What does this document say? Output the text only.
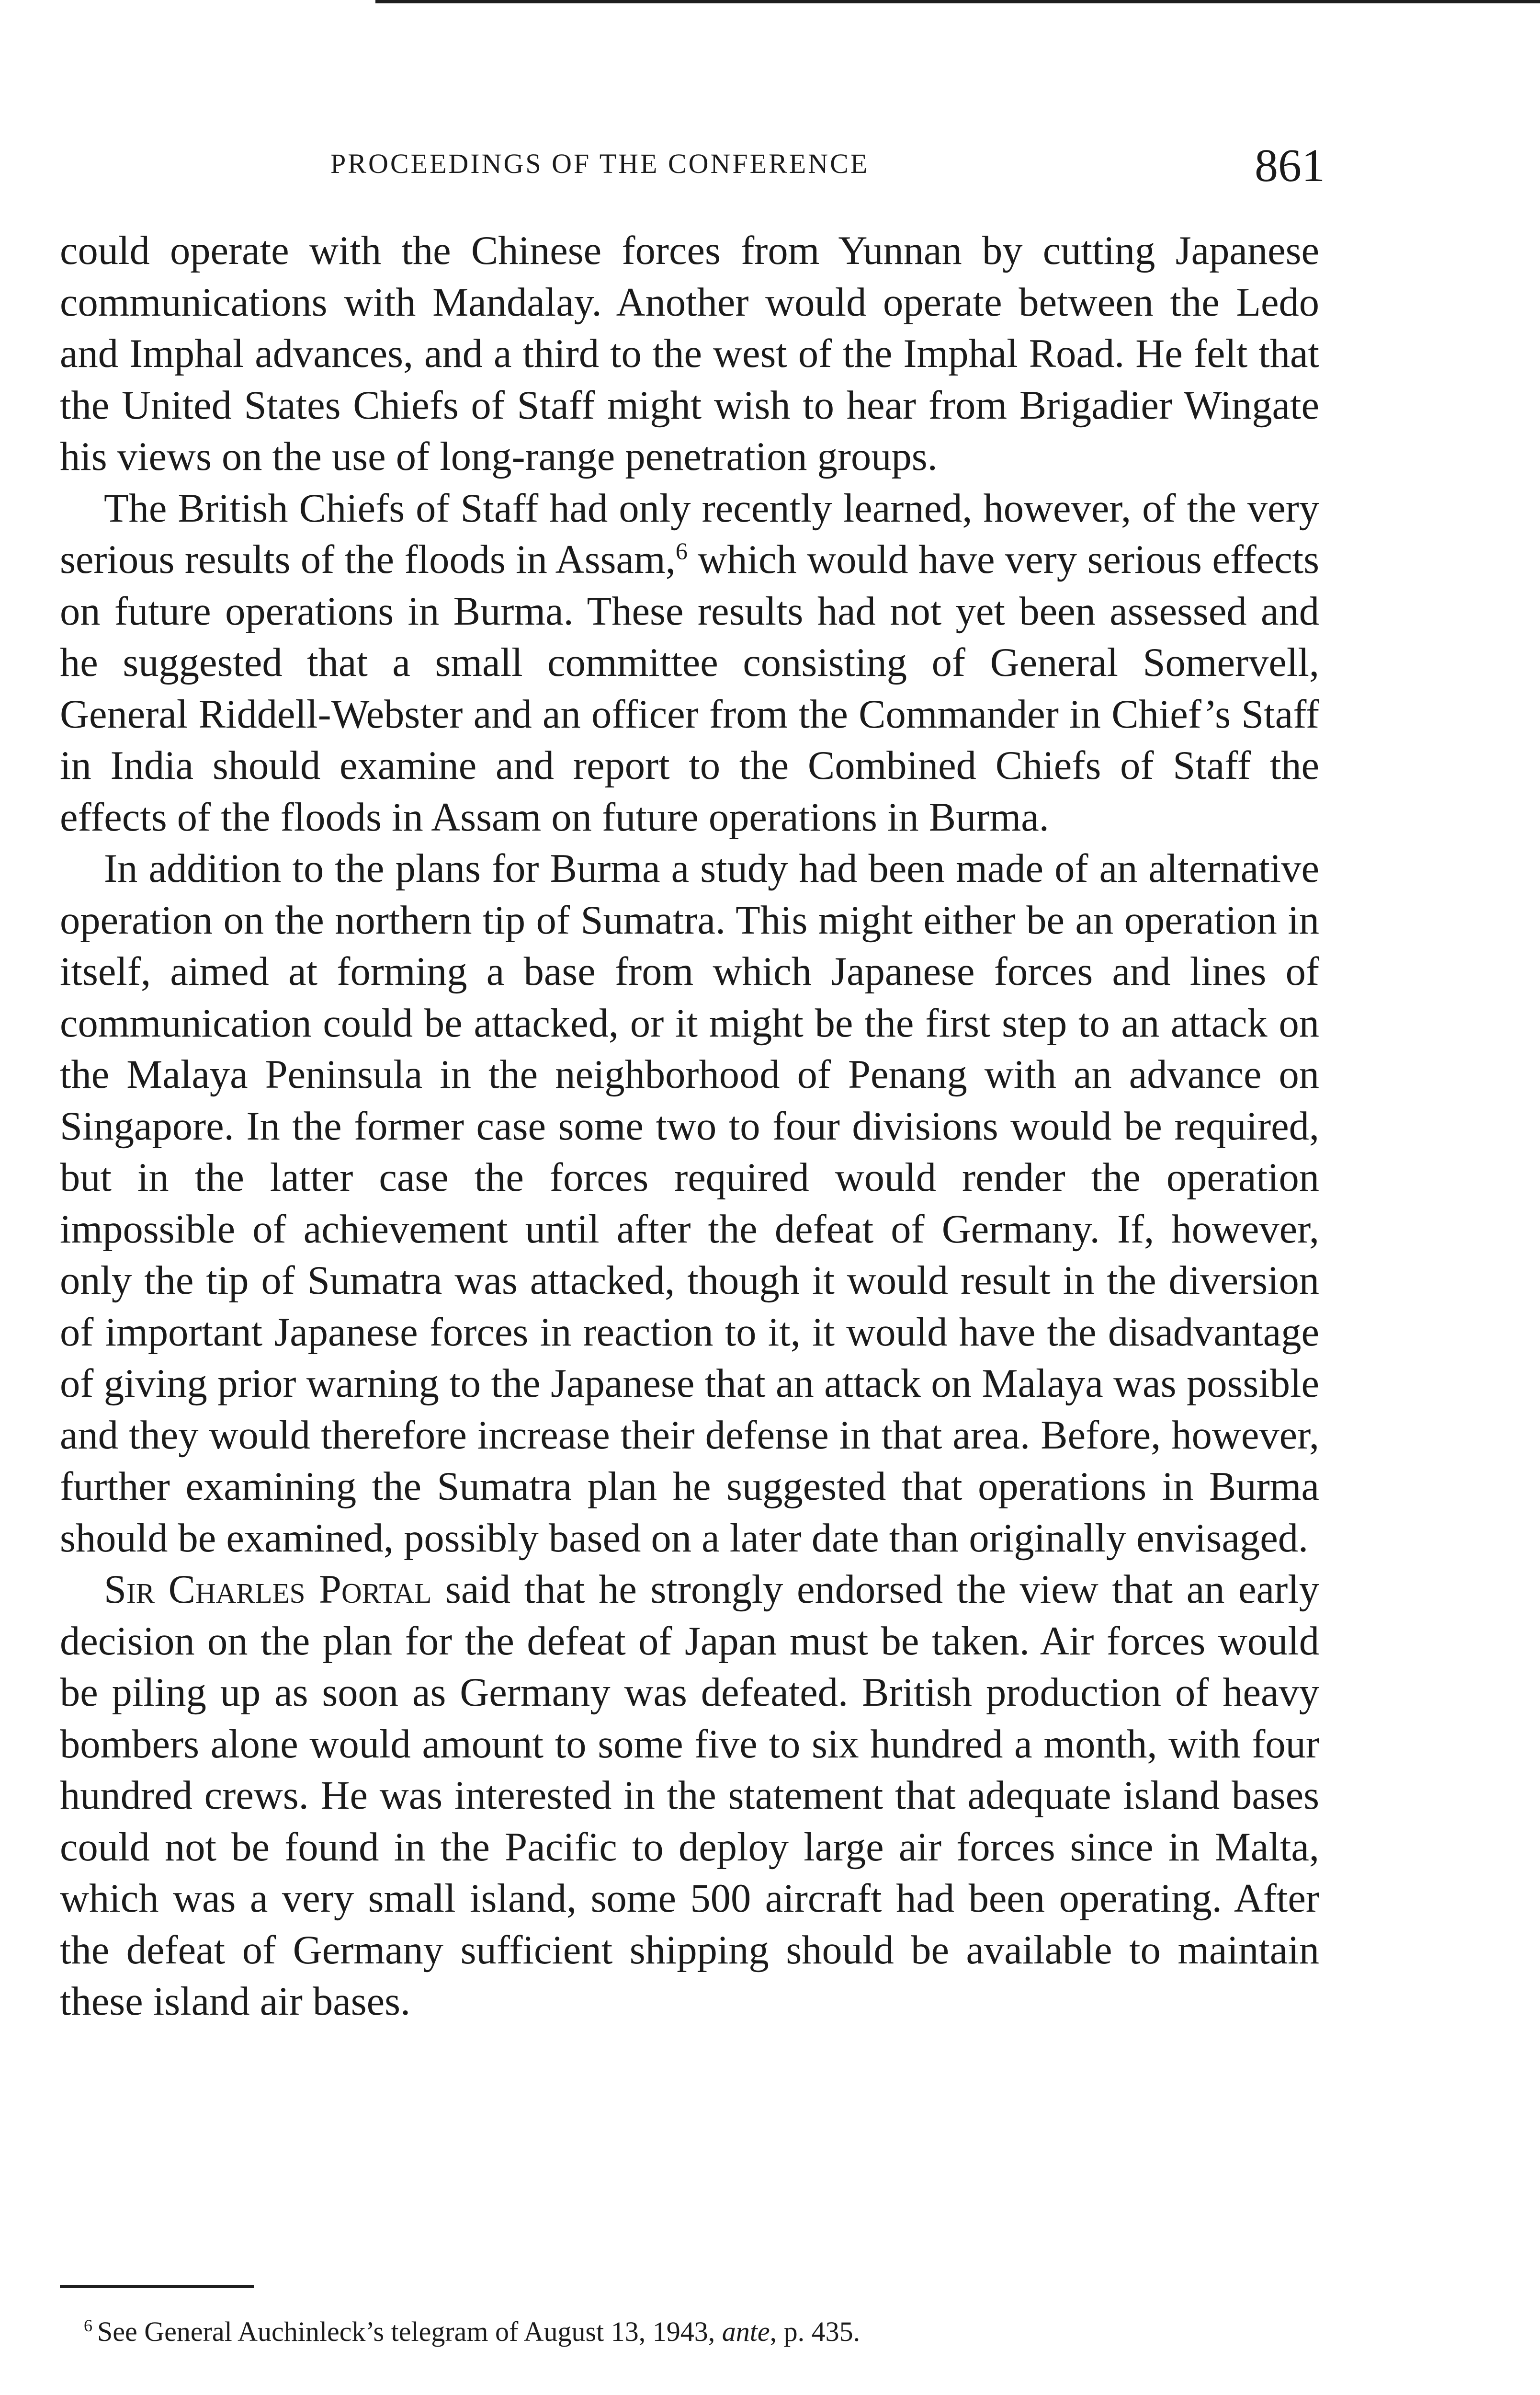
PROCEEDINGS OF THE CONFERENCE	861

could operate with the Chinese forces from Yunnan by cutting Japanese communications with Mandalay. Another would operate between the Ledo and Imphal advances, and a third to the west of the Imphal Road. He felt that the United States Chiefs of Staff might wish to hear from Brigadier Wingate his views on the use of long-range penetration groups.

The British Chiefs of Staff had only recently learned, however, of the very serious results of the floods in Assam,$^6$ which would have very serious effects on future operations in Burma. These results had not yet been assessed and he suggested that a small committee consisting of General Somervell, General Riddell-Webster and an officer from the Commander in Chief’s Staff in India should examine and report to the Combined Chiefs of Staff the effects of the floods in Assam on future operations in Burma.

In addition to the plans for Burma a study had been made of an alternative operation on the northern tip of Sumatra. This might either be an operation in itself, aimed at forming a base from which Japanese forces and lines of communication could be attacked, or it might be the first step to an attack on the Malaya Peninsula in the neighborhood of Penang with an advance on Singapore. In the former case some two to four divisions would be required, but in the latter case the forces required would render the operation impossible of achievement until after the defeat of Germany. If, however, only the tip of Sumatra was attacked, though it would result in the diversion of important Japanese forces in reaction to it, it would have the disadvantage of giving prior warning to the Japanese that an attack on Malaya was possible and they would therefore increase their defense in that area. Before, however, further examining the Sumatra plan he suggested that operations in Burma should be examined, possibly based on a later date than originally envisaged.

Sir Charles Portal said that he strongly endorsed the view that an early decision on the plan for the defeat of Japan must be taken. Air forces would be piling up as soon as Germany was defeated. British production of heavy bombers alone would amount to some five to six hundred a month, with four hundred crews. He was interested in the statement that adequate island bases could not be found in the Pacific to deploy large air forces since in Malta, which was a very small island, some 500 aircraft had been operating. After the defeat of Germany sufficient shipping should be available to maintain these island air bases.

$^6$ See General Auchinleck’s telegram of August 13, 1943, ante, p. 435.
